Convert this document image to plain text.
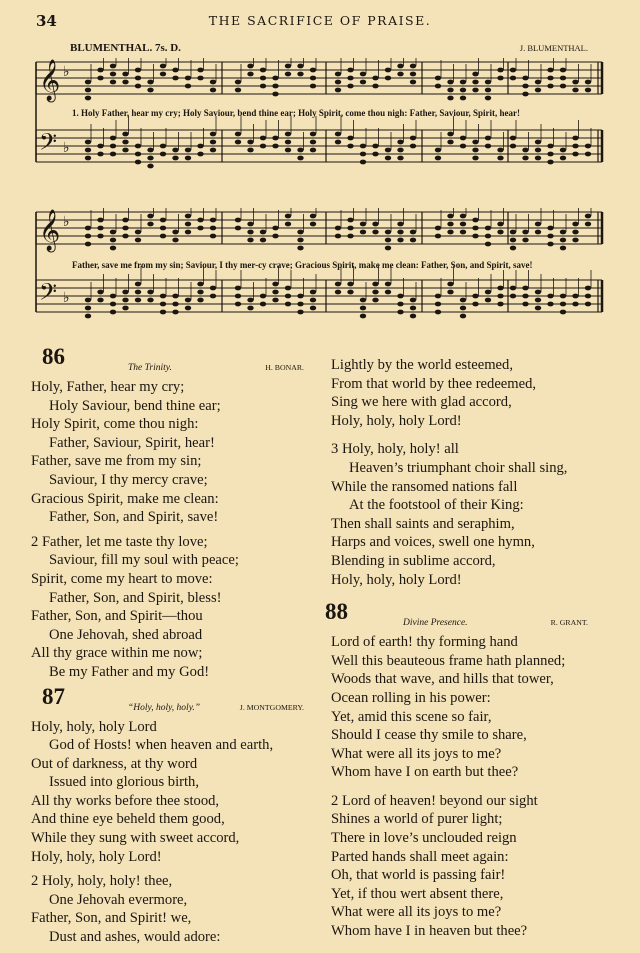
34	THE SACRIFICE OF PRAISE.
BLUMENTHAL. 7s. D.	J. BLUMENTHAL.
𝄞 ♭
𝄢 ♭
1. Holy Father, hear my cry; Holy Saviour, bend thine ear; Holy Spirit, come thou nigh: Father, Saviour, Spirit, hear!
𝄞 ♭
𝄢 ♭
Father, save me from my sin; Saviour, I thy mer-cy crave; Gracious Spirit, make me clean: Father, Son, and Spirit, save!
86	The Trinity.	H. BONAR.
Holy, Father, hear my cry;
Holy Saviour, bend thine ear;
Holy Spirit, come thou nigh:
Father, Saviour, Spirit, hear!
Father, save me from my sin;
Saviour, I thy mercy crave;
Gracious Spirit, make me clean:
Father, Son, and Spirit, save!
2 Father, let me taste thy love;
Saviour, fill my soul with peace;
Spirit, come my heart to move:
Father, Son, and Spirit, bless!
Father, Son, and Spirit—thou
One Jehovah, shed abroad
All thy grace within me now;
Be my Father and my God!
87	“Holy, holy, holy.”	J. MONTGOMERY.
Holy, holy, holy Lord
God of Hosts! when heaven and earth,
Out of darkness, at thy word
Issued into glorious birth,
All thy works before thee stood,
And thine eye beheld them good,
While they sung with sweet accord,
Holy, holy, holy Lord!
2 Holy, holy, holy! thee,
One Jehovah evermore,
Father, Son, and Spirit! we,
Dust and ashes, would adore:
Lightly by the world esteemed,
From that world by thee redeemed,
Sing we here with glad accord,
Holy, holy, holy Lord!
3 Holy, holy, holy! all
Heaven’s triumphant choir shall sing,
While the ransomed nations fall
At the footstool of their King:
Then shall saints and seraphim,
Harps and voices, swell one hymn,
Blending in sublime accord,
Holy, holy, holy Lord!
88	Divine Presence.	R. GRANT.
Lord of earth! thy forming hand
Well this beauteous frame hath planned;
Woods that wave, and hills that tower,
Ocean rolling in his power:
Yet, amid this scene so fair,
Should I cease thy smile to share,
What were all its joys to me?
Whom have I on earth but thee?
2 Lord of heaven! beyond our sight
Shines a world of purer light;
There in love’s unclouded reign
Parted hands shall meet again:
Oh, that world is passing fair!
Yet, if thou wert absent there,
What were all its joys to me?
Whom have I in heaven but thee?
